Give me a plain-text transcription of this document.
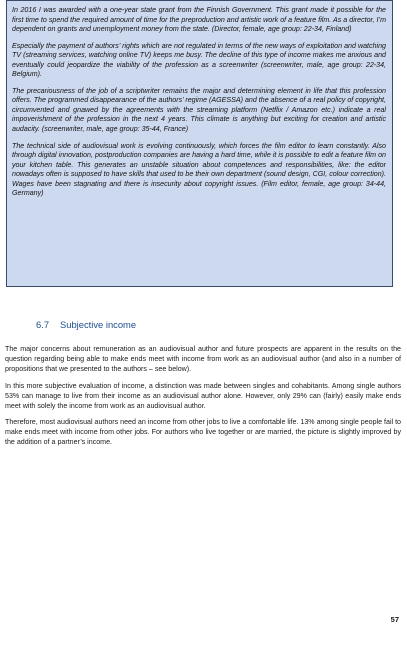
In 2016 I was awarded with a one-year state grant from the Finnish Government. This grant made it possible for the first time to spend the required amount of time for the preproduction and artistic work of a feature film. As a director, I’m dependent on grants and unemployment money from the state. (Director, female, age group: 22-34, Finland)

Especially the payment of authors’ rights which are not regulated in terms of the new ways of exploitation and watching TV (streaming services, watching online TV) keeps me busy. The decline of this type of income makes me anxious and eventually could jeopardize the viability of the profession as a screenwriter (screenwriter, male, age group: 22-34, Belgium).

The precariousness of the job of a scriptwriter remains the major and determining element in life that this profession offers. The programmed disappearance of the authors’ regime (AGESSA) and the absence of a real policy of copyright, circumvented and gnawed by the agreements with the streaming platform (Netflix / Amazon etc.) indicate a real impoverishment of the profession in the next 4 years. This climate is anything but exciting for creation and artistic audacity. (screenwriter, male, age group: 35-44, France)

The technical side of audiovisual work is evolving continuously, which forces the film editor to learn constantly. Also through digital innovation, postproduction companies are having a hard time, while it is possible to edit a feature film on your kitchen table. This generates an unstable situation about competences and responsibilities, like: the editor nowadays often is supposed to have skills that used to be their own department (sound design, CGI, colour correction). Wages have been stagnating and there is insecurity about copyright issues. (Film editor, female, age group: 34-44, Germany)

6.7 Subjective income

The major concerns about remuneration as an audiovisual author and future prospects are apparent in the results on the question regarding being able to make ends meet with income from work as an audiovisual author (and also in a number of propositions that we presented to the authors – see below).

In this more subjective evaluation of income, a distinction was made between singles and cohabitants. Among single authors 53% can manage to live from their income as an audiovisual author alone. However, only 29% can (fairly) easily make ends meet with solely the income from work as an audiovisual author.

Therefore, most audiovisual authors need an income from other jobs to live a comfortable life. 13% among single people fail to make ends meet with income from other jobs. For authors who live together or are married, the picture is slightly improved by the addition of a partner’s income.

57
